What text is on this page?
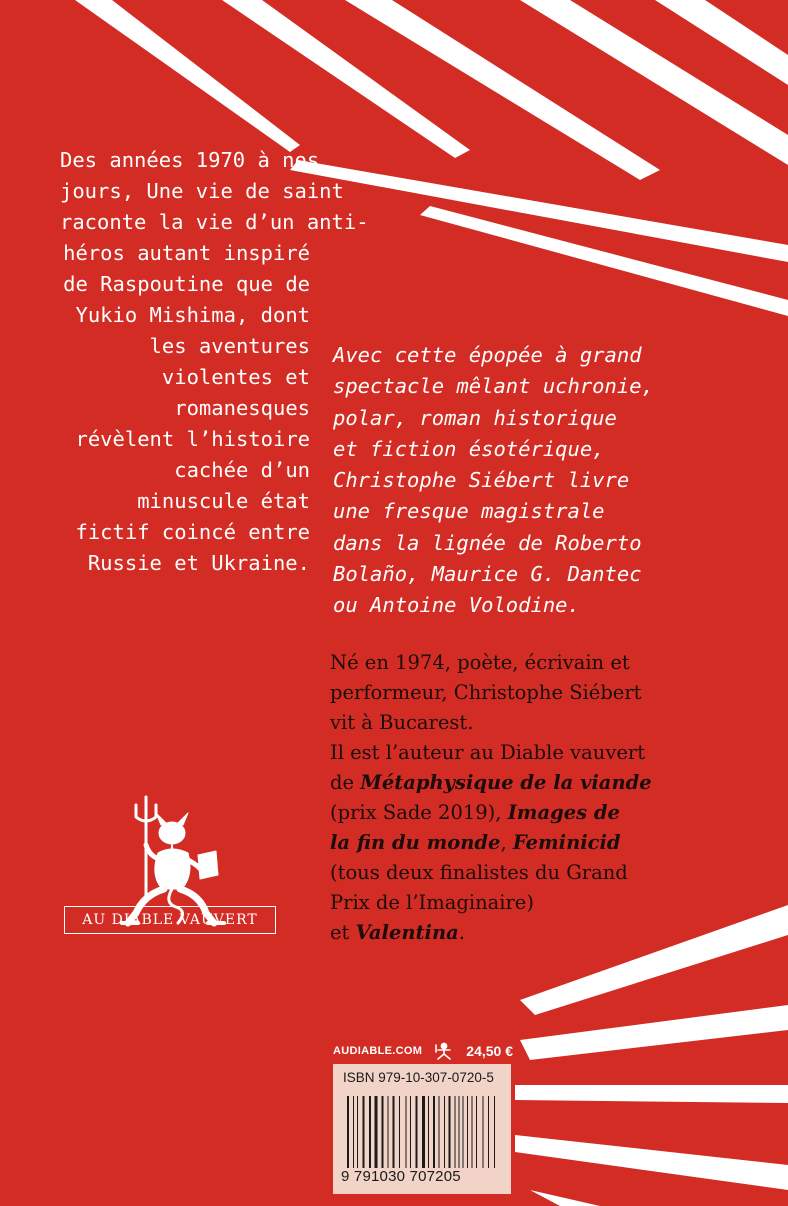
Des années 1970 à nos
jours, Une vie de saint
raconte la vie d’un anti-
héros autant inspiré
de Raspoutine que de
Yukio Mishima, dont
les aventures
violentes et
romanesques
révèlent l’histoire
cachée d’un
minuscule état
fictif coincé entre
Russie et Ukraine.

Avec cette épopée à grand
spectacle mêlant uchronie,
polar, roman historique
et fiction ésotérique,
Christophe Siébert livre
une fresque magistrale
dans la lignée de Roberto
Bolaño, Maurice G. Dantec
ou Antoine Volodine.

Né en 1974, poète, écrivain et
performeur, Christophe Siébert
vit à Bucarest.
Il est l’auteur au Diable vauvert
de Métaphysique de la viande
(prix Sade 2019), Images de
la fin du monde, Feminicid
(tous deux finalistes du Grand
Prix de l’Imaginaire)
et Valentina.

AU DIABLE VAUVERT
AUDIABLE.COM	24,50 €
ISBN 979-10-307-0720-5
9 791030 707205
